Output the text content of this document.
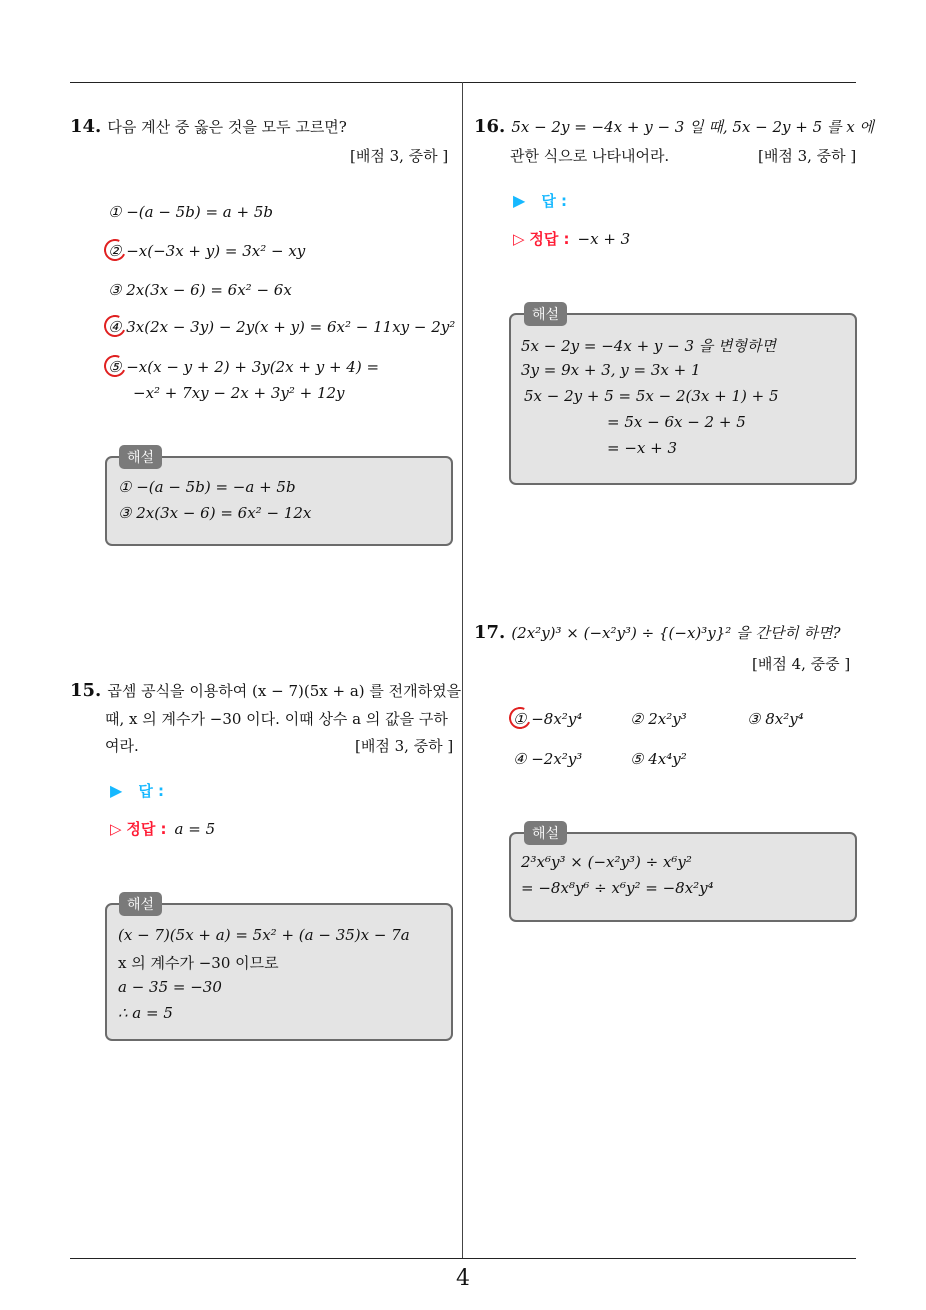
4
14. 다음 계산 중 옳은 것을 모두 고르면?
[배점 3, 중하 ]
① −(a − 5b) = a + 5b
② −x(−3x + y) = 3x² − xy
③ 2x(3x − 6) = 6x² − 6x
④ 3x(2x − 3y) − 2y(x + y) = 6x² − 11xy − 2y²
⑤ −x(x − y + 2) + 3y(2x + y + 4) =
−x² + 7xy − 2x + 3y² + 12y
해설
① −(a − 5b) = −a + 5b
③ 2x(3x − 6) = 6x² − 12x
15. 곱셈 공식을 이용하여 (x − 7)(5x + a) 를 전개하였을
때, x 의 계수가 −30 이다. 이때 상수 a 의 값을 구하
여라.	[배점 3, 중하 ]
▶ 답 :
▷ 정답 : a = 5
해설
(x − 7)(5x + a) = 5x² + (a − 35)x − 7a
x 의 계수가 −30 이므로
a − 35 = −30
∴ a = 5
16. 5x − 2y = −4x + y − 3 일 때, 5x − 2y + 5 를 x 에
관한 식으로 나타내어라.	[배점 3, 중하 ]
▶ 답 :
▷ 정답 : −x + 3
해설
5x − 2y = −4x + y − 3 을 변형하면
3y = 9x + 3, y = 3x + 1
5x − 2y + 5 = 5x − 2(3x + 1) + 5
= 5x − 6x − 2 + 5
= −x + 3
17. (2x²y)³ × (−x²y³) ÷ {(−x)³y}² 을 간단히 하면?
[배점 4, 중중 ]
① −8x²y⁴	② 2x²y³	③ 8x²y⁴
④ −2x²y³	⑤ 4x⁴y²
해설
2³x⁶y³ × (−x²y³) ÷ x⁶y²
= −8x⁸y⁶ ÷ x⁶y² = −8x²y⁴
